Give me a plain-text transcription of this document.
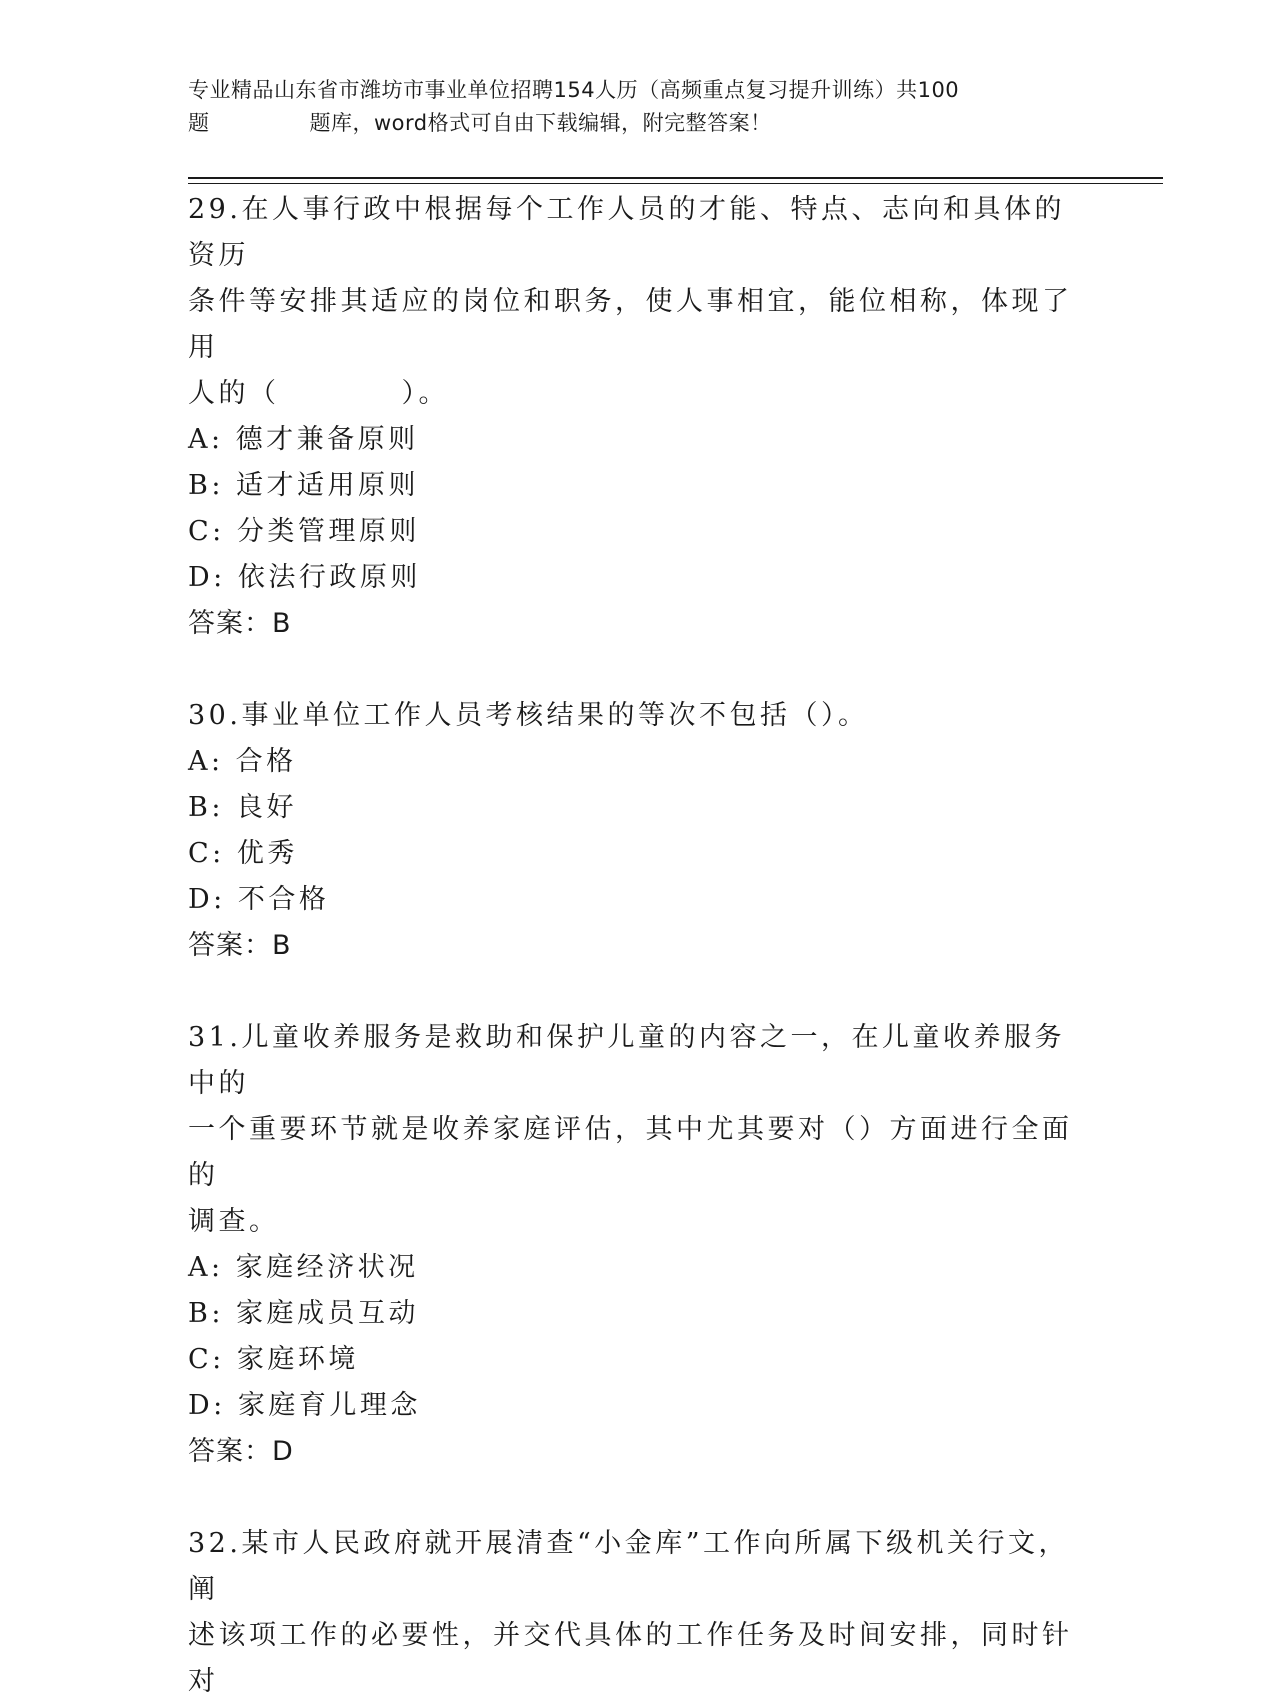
专业精品山东省市潍坊市事业单位招聘154人历（高频重点复习提升训练）共100
题	题库，word格式可自由下载编辑，附完整答案！

29.在人事行政中根据每个工作人员的才能、特点、志向和具体的资历

条件等安排其适应的岗位和职务，使人事相宜，能位相称，体现了用

人的（　　　　）。

A: 德才兼备原则

B: 适才适用原则

C: 分类管理原则

D: 依法行政原则

答案：B

30.事业单位工作人员考核结果的等次不包括（）。

A: 合格

B: 良好

C: 优秀

D: 不合格

答案：B

31.儿童收养服务是救助和保护儿童的内容之一，在儿童收养服务中的

一个重要环节就是收养家庭评估，其中尤其要对（）方面进行全面的

调查。

A: 家庭经济状况

B: 家庭成员互动

C: 家庭环境

D: 家庭育儿理念

答案：D

32.某市人民政府就开展清查“小金库”工作向所属下级机关行文，阐

述该项工作的必要性，并交代具体的工作任务及时间安排，同时针对
